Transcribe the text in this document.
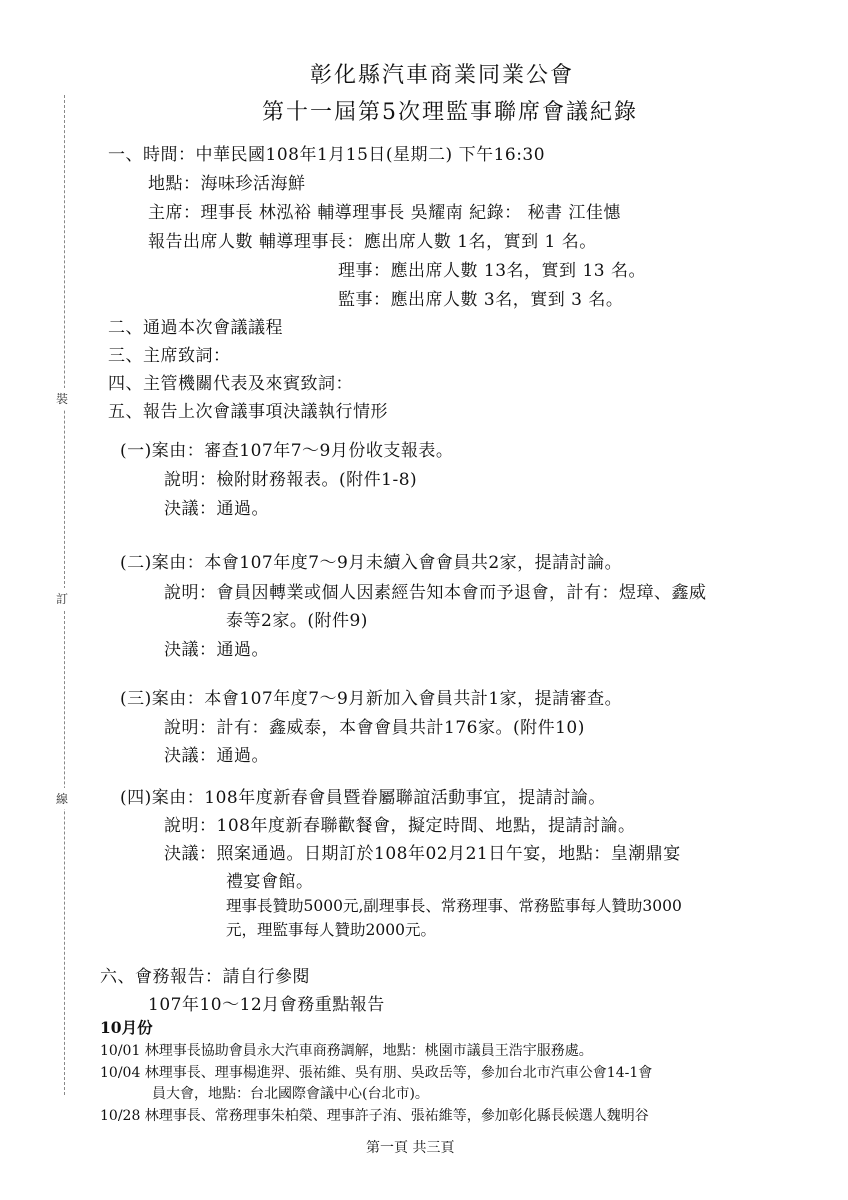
裝
訂
線
彰化縣汽車商業同業公會
第十一屆第5次理監事聯席會議紀錄
一、時間：中華民國108年1月15日(星期二) 下午16:30
地點：海味珍活海鮮
主席：理事長 林泓裕 輔導理事長 吳耀南 紀錄： 秘書 江佳憓
報告出席人數 輔導理事長：應出席人數 1名，實到 1 名。
理事：應出席人數 13名，實到 13 名。
監事：應出席人數 3名，實到 3 名。
二、通過本次會議議程
三、主席致詞：
四、主管機關代表及來賓致詞：
五、報告上次會議事項決議執行情形
(一)案由：審查107年7～9月份收支報表。
說明：檢附財務報表。(附件1-8)
決議：通過。
(二)案由：本會107年度7～9月未續入會會員共2家，提請討論。
說明：會員因轉業或個人因素經告知本會而予退會，計有：煜璋、鑫威
泰等2家。(附件9)
決議：通過。
(三)案由：本會107年度7～9月新加入會員共計1家，提請審查。
說明：計有：鑫威泰，本會會員共計176家。(附件10)
決議：通過。
(四)案由：108年度新春會員暨眷屬聯誼活動事宜，提請討論。
說明：108年度新春聯歡餐會，擬定時間、地點，提請討論。
決議：照案通過。日期訂於108年02月21日午宴，地點：皇潮鼎宴
禮宴會館。
理事長贊助5000元,副理事長、常務理事、常務監事每人贊助3000
元，理監事每人贊助2000元。
六、會務報告：請自行參閱
107年10～12月會務重點報告
10月份
10/01 林理事長協助會員永大汽車商務調解，地點：桃園市議員王浩宇服務處。
10/04 林理事長、理事楊進羿、張祐維、吳有朋、吳政岳等，參加台北市汽車公會14-1會
員大會，地點：台北國際會議中心(台北市)。
10/28 林理事長、常務理事朱柏榮、理事許子洧、張祐維等，參加彰化縣長候選人魏明谷
第一頁 共三頁
